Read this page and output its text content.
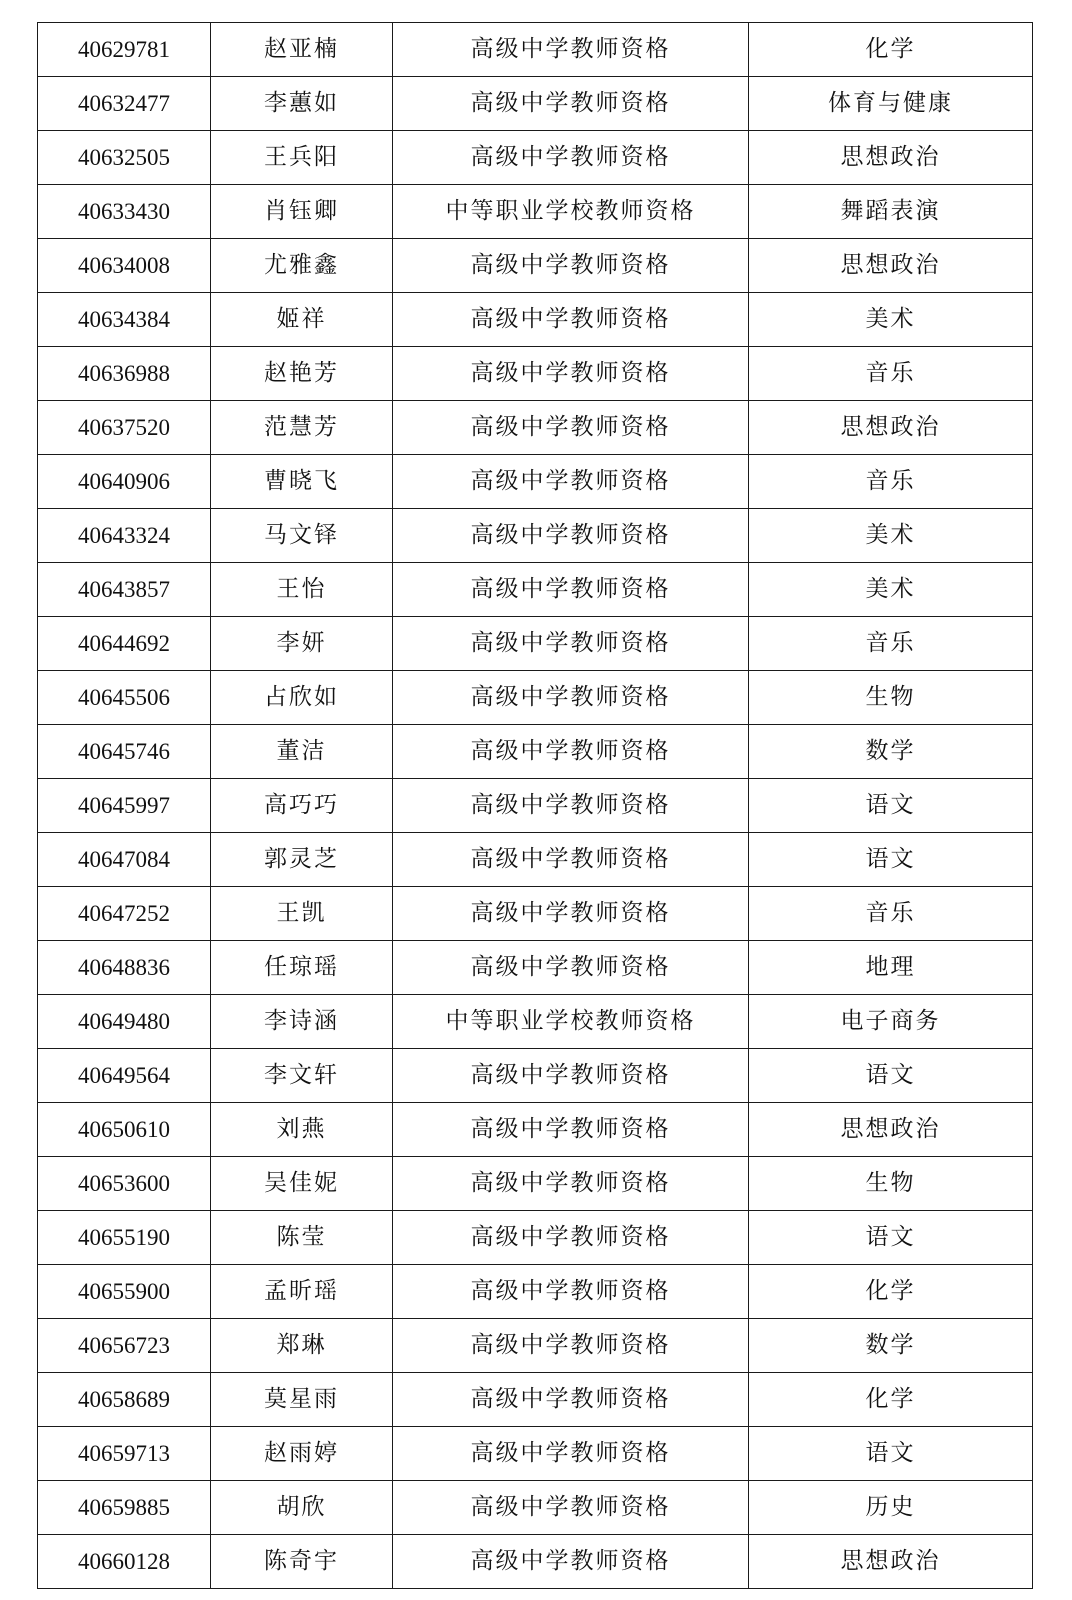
40629781	赵亚楠	高级中学教师资格	化学
40632477	李蕙如	高级中学教师资格	体育与健康
40632505	王兵阳	高级中学教师资格	思想政治
40633430	肖钰卿	中等职业学校教师资格	舞蹈表演
40634008	尤雅鑫	高级中学教师资格	思想政治
40634384	姬祥	高级中学教师资格	美术
40636988	赵艳芳	高级中学教师资格	音乐
40637520	范慧芳	高级中学教师资格	思想政治
40640906	曹晓飞	高级中学教师资格	音乐
40643324	马文铎	高级中学教师资格	美术
40643857	王怡	高级中学教师资格	美术
40644692	李妍	高级中学教师资格	音乐
40645506	占欣如	高级中学教师资格	生物
40645746	董洁	高级中学教师资格	数学
40645997	高巧巧	高级中学教师资格	语文
40647084	郭灵芝	高级中学教师资格	语文
40647252	王凯	高级中学教师资格	音乐
40648836	任琼瑶	高级中学教师资格	地理
40649480	李诗涵	中等职业学校教师资格	电子商务
40649564	李文轩	高级中学教师资格	语文
40650610	刘燕	高级中学教师资格	思想政治
40653600	吴佳妮	高级中学教师资格	生物
40655190	陈莹	高级中学教师资格	语文
40655900	孟昕瑶	高级中学教师资格	化学
40656723	郑琳	高级中学教师资格	数学
40658689	莫星雨	高级中学教师资格	化学
40659713	赵雨婷	高级中学教师资格	语文
40659885	胡欣	高级中学教师资格	历史
40660128	陈奇宇	高级中学教师资格	思想政治
